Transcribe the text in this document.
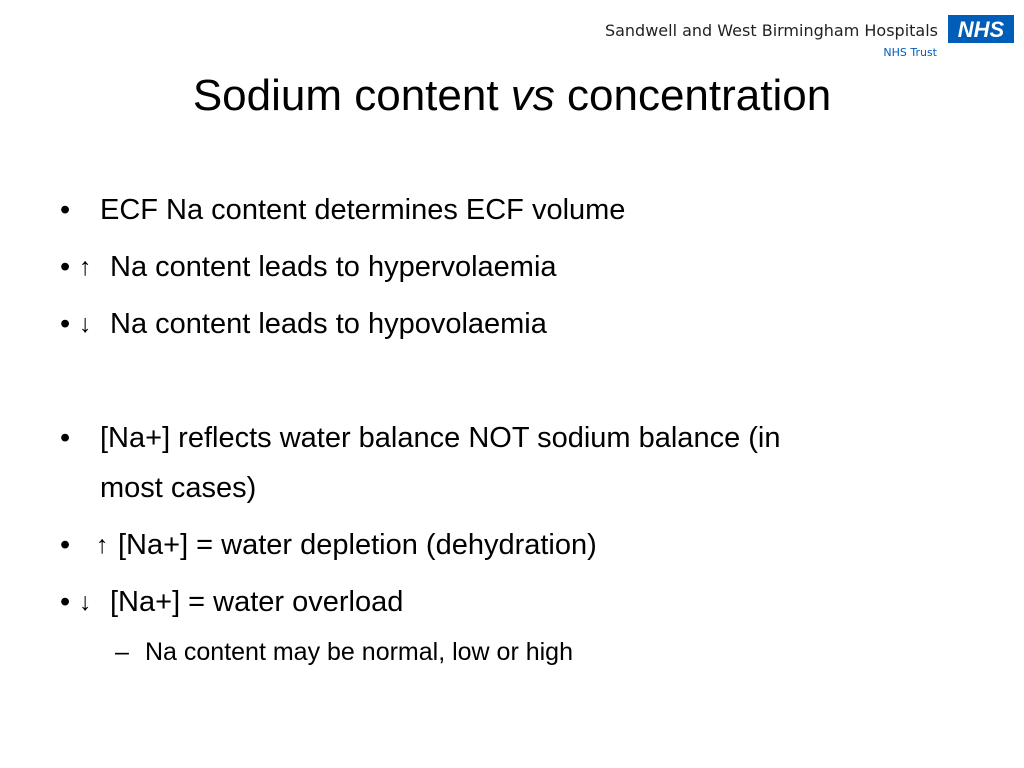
Sandwell and West Birmingham Hospitals
NHS Trust
NHS
Sodium content vs concentration
• ECF Na content determines ECF volume
• ↑ Na content leads to hypervolaemia
• ↓ Na content leads to hypovolaemia
• [Na+] reflects water balance NOT sodium balance (in
most cases)
• ↑ [Na+] = water depletion (dehydration)
• ↓ [Na+] = water overload
– Na content may be normal, low or high
